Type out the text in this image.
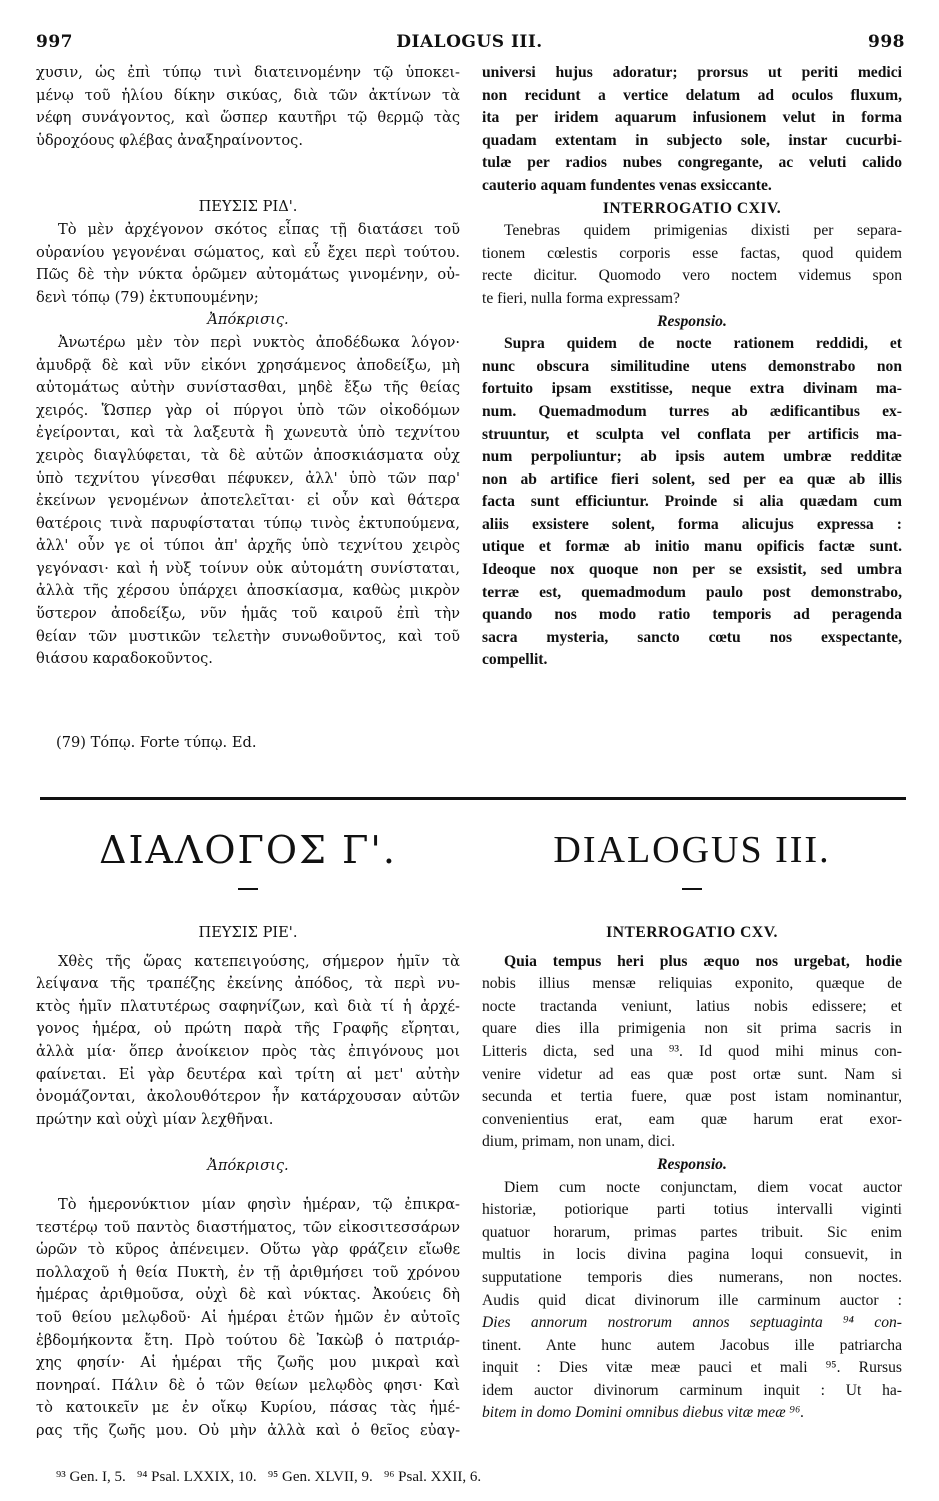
997	DIALOGUS III.	998

χυσιν, ὡς ἐπὶ τύπῳ τινὶ διατεινομένην τῷ ὑποκει-

μένῳ τοῦ ἡλίου δίκην σικύας, διὰ τῶν ἀκτίνων τὰ

νέφη συνάγοντος, καὶ ὥσπερ καυτῆρι τῷ θερμῷ τὰς

ὑδροχόους φλέβας ἀναξηραίνοντος.

ΠΕΥΣΙΣ ΡΙΔ'.

Τὸ μὲν ἀρχέγονον σκότος εἶπας τῇ διατάσει τοῦ

οὐρανίου γεγονέναι σώματος, καὶ εὖ ἔχει περὶ τούτου.

Πῶς δὲ τὴν νύκτα ὁρῶμεν αὐτομάτως γινομένην, οὐ-

δενὶ τόπῳ (79) ἐκτυπουμένην;

Ἀπόκρισις.

Ἀνωτέρω μὲν τὸν περὶ νυκτὸς ἀποδέδωκα λόγον·

ἀμυδρᾷ δὲ καὶ νῦν εἰκόνι χρησάμενος ἀποδείξω, μὴ

αὐτομάτως αὐτὴν συνίστασθαι, μηδὲ ἔξω τῆς θείας

χειρός. Ὥσπερ γὰρ οἱ πύργοι ὑπὸ τῶν οἰκοδόμων

ἐγείρονται, καὶ τὰ λαξευτὰ ἢ χωνευτὰ ὑπὸ τεχνίτου

χειρὸς διαγλύφεται, τὰ δὲ αὐτῶν ἀποσκιάσματα οὐχ

ὑπὸ τεχνίτου γίνεσθαι πέφυκεν, ἀλλ' ὑπὸ τῶν παρ'

ἐκείνων γενομένων ἀποτελεῖται· εἰ οὖν καὶ θάτερα

θατέροις τινὰ παρυφίσταται τύπῳ τινὸς ἐκτυπούμενα,

ἀλλ' οὖν γε οἱ τύποι ἀπ' ἀρχῆς ὑπὸ τεχνίτου χειρὸς

γεγόνασι· καὶ ἡ νὺξ τοίνυν οὐκ αὐτομάτη συνίσταται,

ἀλλὰ τῆς χέρσου ὑπάρχει ἀποσκίασμα, καθὼς μικρὸν

ὕστερον ἀποδείξω, νῦν ἡμᾶς τοῦ καιροῦ ἐπὶ τὴν

θείαν τῶν μυστικῶν τελετὴν συνωθοῦντος, καὶ τοῦ

θιάσου καραδοκοῦντος.

(79) Τόπῳ. Forte τύπῳ. Ed.

universi hujus adoratur; prorsus ut periti medici

non recidunt a vertice delatum ad oculos fluxum,

ita per iridem aquarum infusionem velut in forma

quadam extentam in subjecto sole, instar cucurbi-

tulæ per radios nubes congregante, ac veluti calido

cauterio aquam fundentes venas exsiccante.

INTERROGATIO CXIV.

Tenebras quidem primigenias dixisti per separa-

tionem cœlestis corporis esse factas, quod quidem

recte dicitur. Quomodo vero noctem videmus spon

te fieri, nulla forma expressam?

Responsio.

Supra quidem de nocte rationem reddidi, et

nunc obscura similitudine utens demonstrabo non

fortuito ipsam exstitisse, neque extra divinam ma-

num. Quemadmodum turres ab ædificantibus ex-

struuntur, et sculpta vel conflata per artificis ma-

num perpoliuntur; ab ipsis autem umbræ redditæ

non ab artifice fieri solent, sed per ea quæ ab illis

facta sunt efficiuntur. Proinde si alia quædam cum

aliis exsistere solent, forma alicujus expressa :

utique et formæ ab initio manu opificis factæ sunt.

Ideoque nox quoque non per se exsistit, sed umbra

terræ est, quemadmodum paulo post demonstrabo,

quando nos modo ratio temporis ad peragenda

sacra mysteria, sancto cœtu nos exspectante,

compellit.

ΔΙΑΛΟΓΟΣ Γ'.	DIALOGUS III.

ΠΕΥΣΙΣ ΡΙΕ'.

Χθὲς τῆς ὥρας κατεπειγούσης, σήμερον ἡμῖν τὰ

λείψανα τῆς τραπέζης ἐκείνης ἀπόδος, τὰ περὶ νυ-

κτὸς ἡμῖν πλατυτέρως σαφηνίζων, καὶ διὰ τί ἡ ἀρχέ-

γονος ἡμέρα, οὐ πρώτη παρὰ τῆς Γραφῆς εἴρηται,

ἀλλὰ μία· ὅπερ ἀνοίκειον πρὸς τὰς ἐπιγόνους μοι

φαίνεται. Εἰ γὰρ δευτέρα καὶ τρίτη αἱ μετ' αὐτὴν

ὀνομάζονται, ἀκολουθότερον ἦν κατάρχουσαν αὐτῶν

πρώτην καὶ οὐχὶ μίαν λεχθῆναι.

Ἀπόκρισις.

Τὸ ἡμερονύκτιον μίαν φησὶν ἡμέραν, τῷ ἐπικρα-

τεστέρῳ τοῦ παντὸς διαστήματος, τῶν εἰκοσιτεσσάρων

ὡρῶν τὸ κῦρος ἀπένειμεν. Οὕτω γὰρ φράζειν εἴωθε

πολλαχοῦ ἡ θεία Πυκτὴ, ἐν τῇ ἀριθμήσει τοῦ χρόνου

ἡμέρας ἀριθμοῦσα, οὐχὶ δὲ καὶ νύκτας. Ἀκούεις δὴ

τοῦ θείου μελῳδοῦ· Αἱ ἡμέραι ἐτῶν ἡμῶν ἐν αὐτοῖς

ἑβδομήκοντα ἔτη. Πρὸ τούτου δὲ Ἰακὼβ ὁ πατριάρ-

χης φησίν· Αἱ ἡμέραι τῆς ζωῆς μου μικραὶ καὶ

πονηραί. Πάλιν δὲ ὁ τῶν θείων μελῳδὸς φησι· Καὶ

τὸ κατοικεῖν με ἐν οἴκῳ Κυρίου, πάσας τὰς ἡμέ-

ρας τῆς ζωῆς μου. Οὐ μὴν ἀλλὰ καὶ ὁ θεῖος εὐαγ-

INTERROGATIO CXV.

Quia tempus heri plus æquo nos urgebat, hodie

nobis illius mensæ reliquias exponito, quæque de

nocte tractanda veniunt, latius nobis edissere; et

quare dies illa primigenia non sit prima sacris in

Litteris dicta, sed una ⁹³. Id quod mihi minus con-

venire videtur ad eas quæ post ortæ sunt. Nam si

secunda et tertia fuere, quæ post istam nominantur,

convenientius erat, eam quæ harum erat exor-

dium, primam, non unam, dici.

Responsio.

Diem cum nocte conjunctam, diem vocat auctor

historiæ, potiorique parti totius intervalli viginti

quatuor horarum, primas partes tribuit. Sic enim

multis in locis divina pagina loqui consuevit, in

supputatione temporis dies numerans, non noctes.

Audis quid dicat divinorum ille carminum auctor :

Dies annorum nostrorum annos septuaginta ⁹⁴ con-

tinent. Ante hunc autem Jacobus ille patriarcha

inquit : Dies vitæ meæ pauci et mali ⁹⁵. Rursus

idem auctor divinorum carminum inquit : Ut ha-

bitem in domo Domini omnibus diebus vitæ meæ ⁹⁶.

⁹³ Gen. I, 5.   ⁹⁴ Psal. LXXIX, 10.   ⁹⁵ Gen. XLVII, 9.   ⁹⁶ Psal. XXII, 6.
